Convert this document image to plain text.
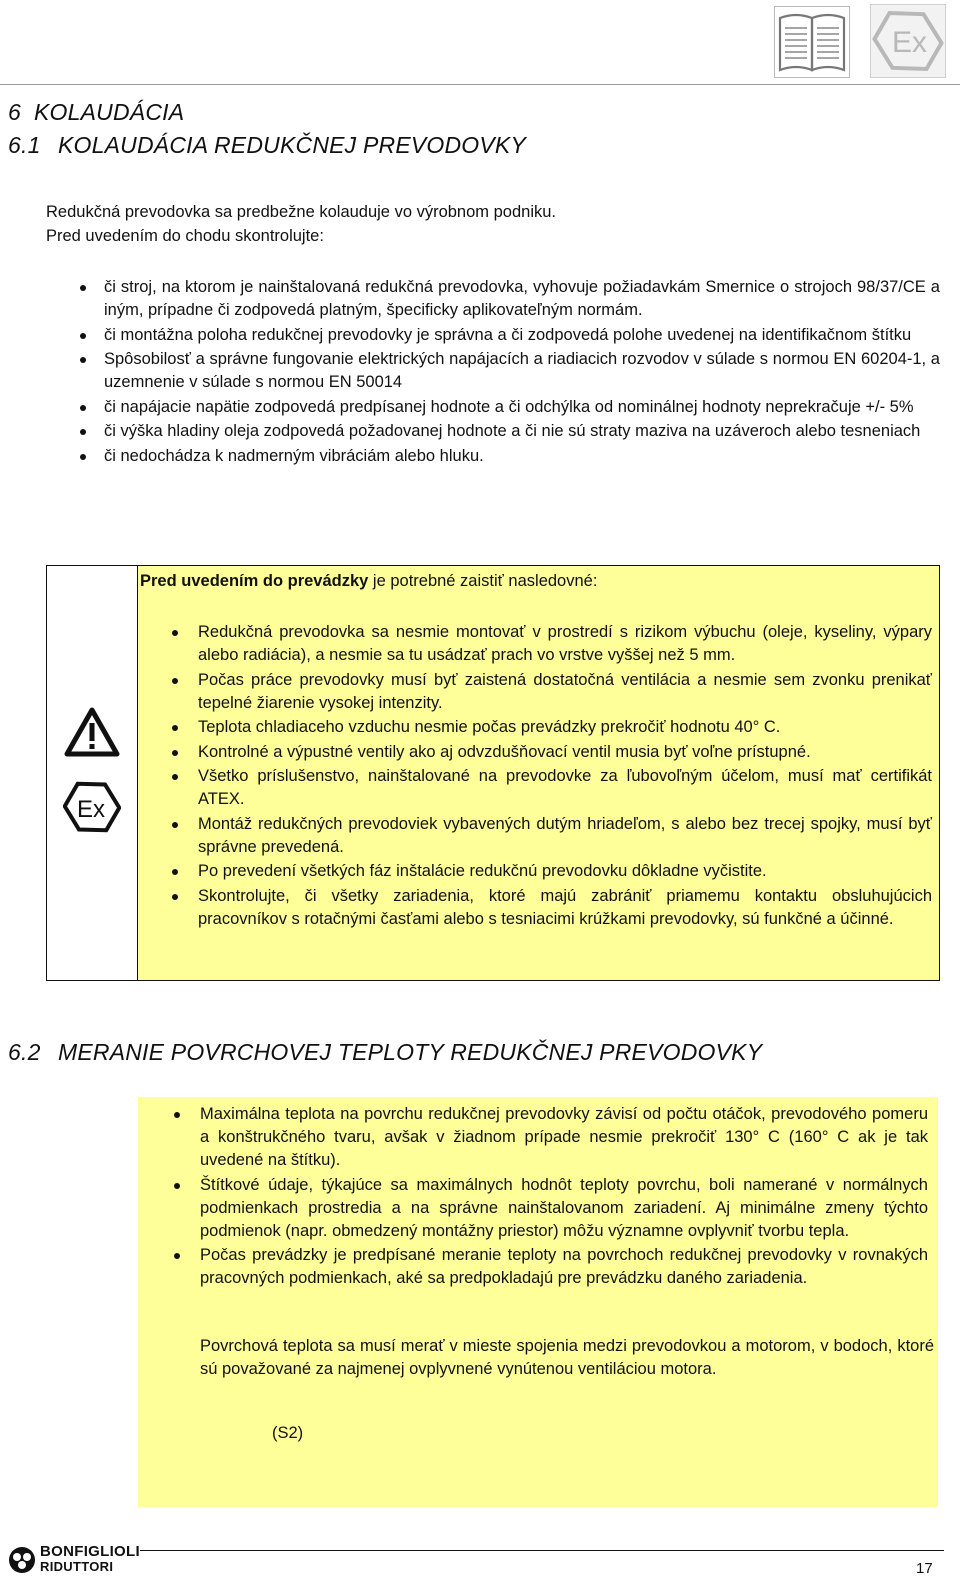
Ex
6 KOLAUDÁCIA
6.1 KOLAUDÁCIA REDUKČNEJ PREVODOVKY
Redukčná prevodovka sa predbežne kolauduje vo výrobnom podniku.
Pred uvedením do chodu skontrolujte:
či stroj, na ktorom je nainštalovaná redukčná prevodovka, vyhovuje požiadavkám Smernice o strojoch 98/37/CE a iným, prípadne či zodpovedá platným, špecificky aplikovateľným normám.
či montážna poloha redukčnej prevodovky je správna a či zodpovedá polohe uvedenej na identifikačnom štítku
Spôsobilosť a správne fungovanie elektrických napájacích a riadiacich rozvodov v súlade s normou EN 60204-1, a uzemnenie v súlade s normou EN 50014
či napájacie napätie zodpovedá predpísanej hodnote a či odchýlka od nominálnej hodnoty neprekračuje +/- 5%
či výška hladiny oleja zodpovedá požadovanej hodnote a či nie sú straty maziva na uzáveroch alebo tesneniach
či nedochádza k nadmerným vibráciám alebo hluku.
Ex
Pred uvedením do prevádzky je potrebné zaistiť nasledovné:
Redukčná prevodovka sa nesmie montovať v prostredí s rizikom výbuchu (oleje, kyseliny, výpary alebo radiácia), a nesmie sa tu usádzať prach vo vrstve vyššej než 5 mm.
Počas práce prevodovky musí byť zaistená dostatočná ventilácia a nesmie sem zvonku prenikať tepelné žiarenie vysokej intenzity.
Teplota chladiaceho vzduchu nesmie počas prevádzky prekročiť hodnotu 40° C.
Kontrolné a výpustné ventily ako aj odvzdušňovací ventil musia byť voľne prístupné.
Všetko príslušenstvo, nainštalované na prevodovke za ľubovoľným účelom, musí mať certifikát ATEX.
Montáž redukčných prevodoviek vybavených dutým hriadeľom, s alebo bez trecej spojky, musí byť správne prevedená.
Po prevedení všetkých fáz inštalácie redukčnú prevodovku dôkladne vyčistite.
Skontrolujte, či všetky zariadenia, ktoré majú zabrániť priamemu kontaktu obsluhujúcich pracovníkov s rotačnými časťami alebo s tesniacimi krúžkami prevodovky, sú funkčné a účinné.
6.2 MERANIE POVRCHOVEJ TEPLOTY REDUKČNEJ PREVODOVKY
Maximálna teplota na povrchu redukčnej prevodovky závisí od počtu otáčok, prevodového pomeru a konštrukčného tvaru, avšak v žiadnom prípade nesmie prekročiť 130° C (160° C ak je tak uvedené na štítku).
Štítkové údaje, týkajúce sa maximálnych hodnôt teploty povrchu, boli namerané v normálnych podmienkach prostredia a na správne nainštalovanom zariadení. Aj minimálne zmeny týchto podmienok (napr. obmedzený montážny priestor) môžu významne ovplyvniť tvorbu tepla.
Počas prevádzky je predpísané meranie teploty na povrchoch redukčnej prevodovky v rovnakých pracovných podmienkach, aké sa predpokladajú pre prevádzku daného zariadenia.
Povrchová teplota sa musí merať v mieste spojenia medzi prevodovkou a motorom, v bodoch, ktoré sú považované za najmenej ovplyvnené vynútenou ventiláciou motora.
(S2)
BONFIGLIOLI
RIDUTTORI	17
